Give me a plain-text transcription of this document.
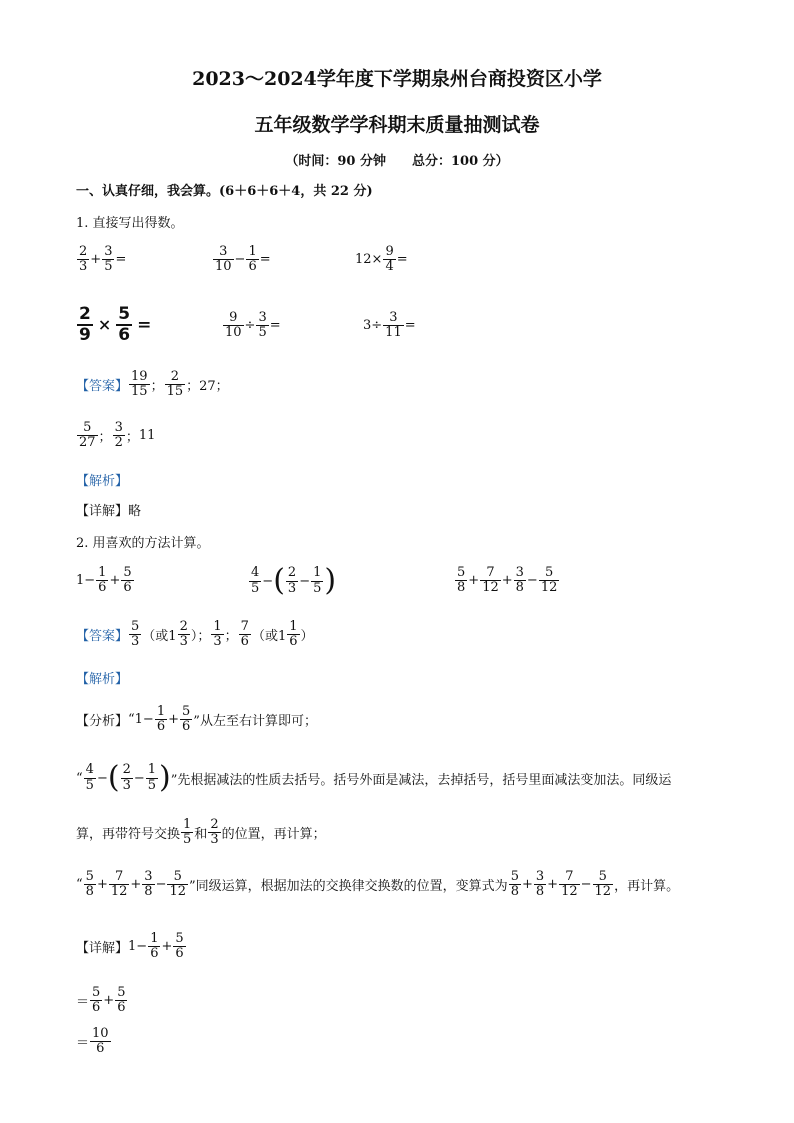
2023～2024学年度下学期泉州台商投资区小学
五年级数学学科期末质量抽测试卷
（时间：90 分钟　　总分：100 分）
一、认真仔细，我会算。(6＋6＋6＋4，共 22 分)
1. 直接写出得数。
$\frac{2}{3} + \frac{3}{5}$ =	$\frac{3}{10} - \frac{1}{6}$ =	$12\times \frac{9}{4}$ =
$\frac{2}{9} \times \frac{5}{6}$ =	$\frac{9}{10} \div \frac{3}{5}$ =	$3\div \frac{3}{11}$ =
【答案】 $\frac{19}{15}$ ； $\frac{2}{15}$ ； 27；
$\frac{5}{27}$ ； $\frac{3}{2}$ ； 11
【解析】
【详解】略
2. 用喜欢的方法计算。
$1- \frac{1}{6} + \frac{5}{6}$	$\frac{4}{5}$ − ( $\frac{2}{3} - \frac{1}{5}$ )	$\frac{5}{8} + \frac{7}{12} + \frac{3}{8} - \frac{5}{12}$
【答案】 $\frac{5}{3}$ （或$1 \frac{2}{3}$ ）； $\frac{1}{3}$ ； $\frac{7}{6}$ （或$1 \frac{1}{6}$ ）
【解析】
【分析】 “$1- \frac{1}{6} + \frac{5}{6}$ ”从左至右计算即可；
“ $\frac{4}{5}$ − ( $\frac{2}{3} - \frac{1}{5}$ ) ”先根据减法的性质去括号。括号外面是减法，去掉括号，括号里面减法变加法。同级运
算，再带符号交换 $\frac{1}{5}$ 和 $\frac{2}{3}$ 的位置，再计算；
“ $\frac{5}{8} + \frac{7}{12} + \frac{3}{8} - \frac{5}{12}$ ”同级运算，根据加法的交换律交换数的位置，变算式为 $\frac{5}{8} + \frac{3}{8} + \frac{7}{12} - \frac{5}{12}$ ，再计算。
【详解】 $1- \frac{1}{6} + \frac{5}{6}$
＝ $\frac{5}{6} + \frac{5}{6}$
＝ $\frac{10}{6}$
